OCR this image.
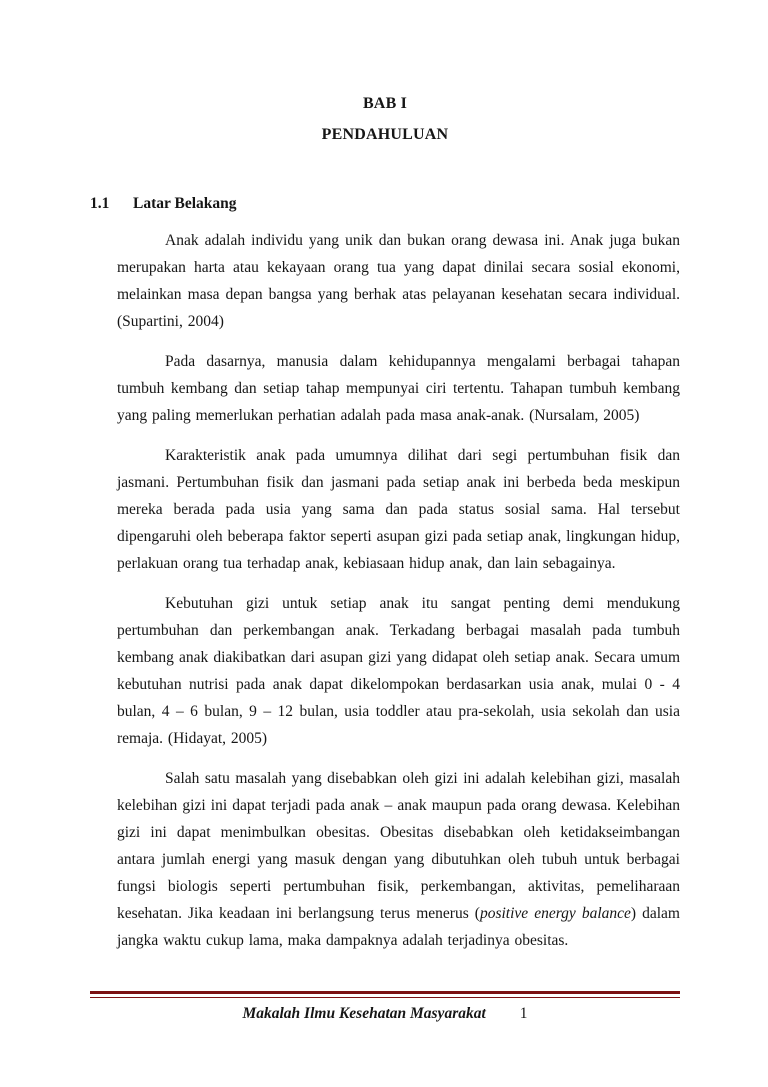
BAB I
PENDAHULUAN
1.1 Latar Belakang

Anak adalah individu yang unik dan bukan orang dewasa ini. Anak juga bukan merupakan harta atau kekayaan orang tua yang dapat dinilai secara sosial ekonomi, melainkan masa depan bangsa yang berhak atas pelayanan kesehatan secara individual. (Supartini, 2004)

Pada dasarnya, manusia dalam kehidupannya mengalami berbagai tahapan tumbuh kembang dan setiap tahap mempunyai ciri tertentu. Tahapan tumbuh kembang yang paling memerlukan perhatian adalah pada masa anak-anak. (Nursalam, 2005)

Karakteristik anak pada umumnya dilihat dari segi pertumbuhan fisik dan jasmani. Pertumbuhan fisik dan jasmani pada setiap anak ini berbeda beda meskipun mereka berada pada usia yang sama dan pada status sosial sama. Hal tersebut dipengaruhi oleh beberapa faktor seperti asupan gizi pada setiap anak, lingkungan hidup, perlakuan orang tua terhadap anak, kebiasaan hidup anak, dan lain sebagainya.

Kebutuhan gizi untuk setiap anak itu sangat penting demi mendukung pertumbuhan dan perkembangan anak. Terkadang berbagai masalah pada tumbuh kembang anak diakibatkan dari asupan gizi yang didapat oleh setiap anak. Secara umum kebutuhan nutrisi pada anak dapat dikelompokan berdasarkan usia anak, mulai 0 - 4 bulan, 4 – 6 bulan, 9 – 12 bulan, usia toddler atau pra-sekolah, usia sekolah dan usia remaja. (Hidayat, 2005)

Salah satu masalah yang disebabkan oleh gizi ini adalah kelebihan gizi, masalah kelebihan gizi ini dapat terjadi pada anak – anak maupun pada orang dewasa. Kelebihan gizi ini dapat menimbulkan obesitas. Obesitas disebabkan oleh ketidakseimbangan antara jumlah energi yang masuk dengan yang dibutuhkan oleh tubuh untuk berbagai fungsi biologis seperti pertumbuhan fisik, perkembangan, aktivitas, pemeliharaan kesehatan. Jika keadaan ini berlangsung terus menerus (positive energy balance) dalam jangka waktu cukup lama, maka dampaknya adalah terjadinya obesitas.

Makalah Ilmu Kesehatan Masyarakat 1
